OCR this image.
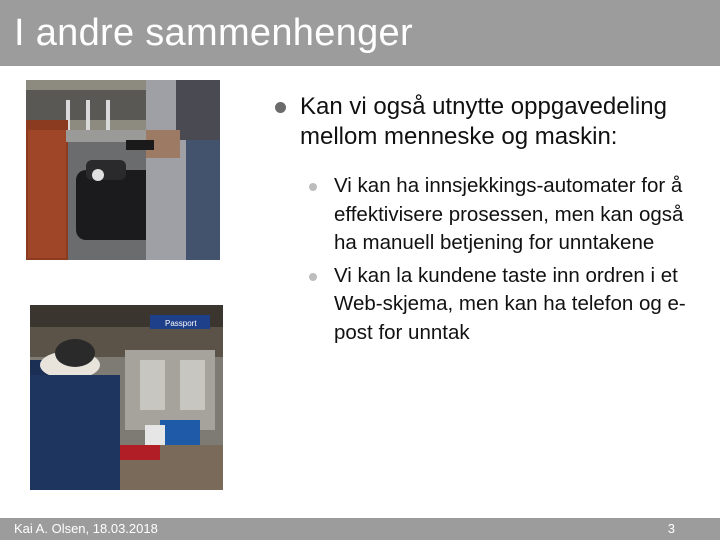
I andre sammenhenger
Passport
Kan vi også utnytte oppgavedeling mellom menneske og maskin:
Vi kan ha innsjekkings-automater for å effektivisere prosessen, men kan også ha manuell betjening for unntakene
Vi kan la kundene taste inn ordren i et Web-skjema, men kan ha telefon og e-post for unntak
Kai A. Olsen, 18.03.2018	3
